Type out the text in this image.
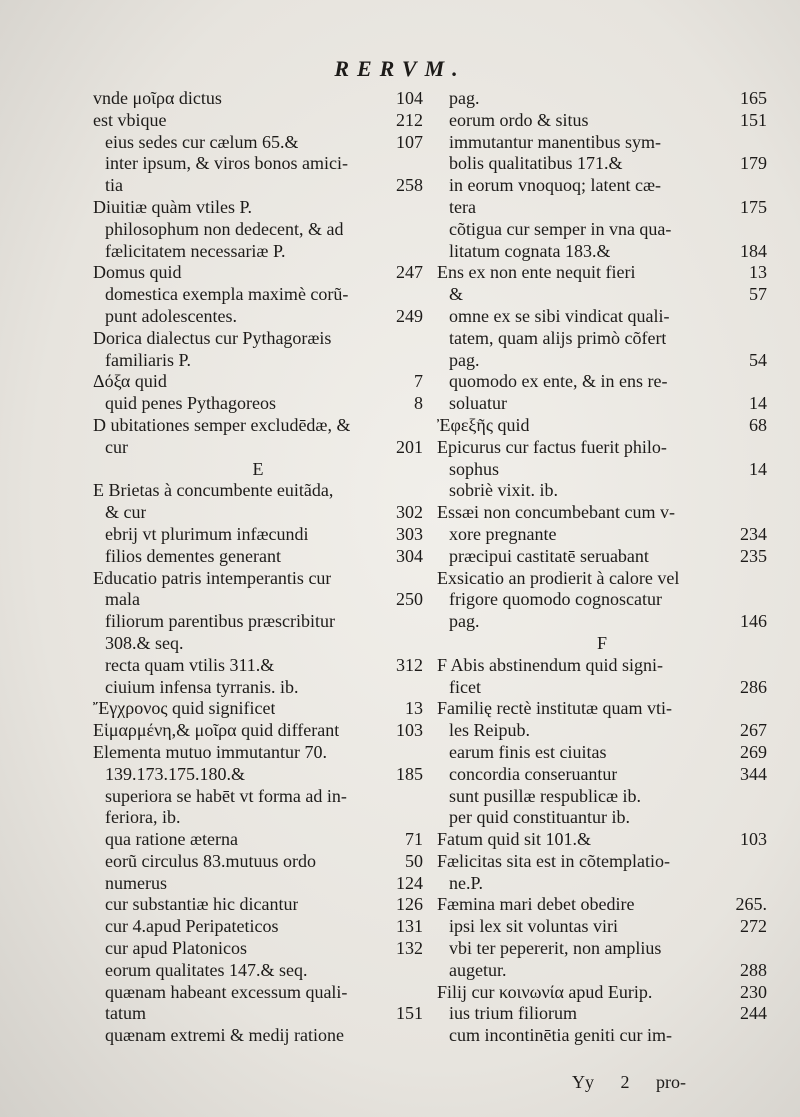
RERVM.
vnde μοῖρα dictus	104
est vbique	212
eius sedes cur cælum 65.&	107
inter ipsum, & viros bonos amici-
tia	258
Diuitiæ quàm vtiles P.
philosophum non dedecent, & ad
fælicitatem necessariæ P.
Domus quid	247
domestica exempla maximè corũ-
punt adolescentes.	249
Dorica dialectus cur Pythagoræis
familiaris P.
Δόξα quid	7
quid penes Pythagoreos	8
D ubitationes semper excludēdæ, &
cur	201
E
E Brietas à concumbente euitãda,
& cur	302
ebrij vt plurimum infæcundi	303
filios dementes generant	304
Educatio patris intemperantis cur
mala	250
filiorum parentibus præscribitur
308.& seq.
recta quam vtilis 311.&	312
ciuium infensa tyrranis. ib.
Ἔγχρονος quid significet	13
Εἱμαρμένη,& μοῖρα quid differant	103
Elementa mutuo immutantur 70.
139.173.175.180.&	185
superiora se habēt vt forma ad in-
feriora, ib.
qua ratione æterna	71
eorũ circulus 83.mutuus ordo	50
numerus	124
cur substantiæ hic dicantur	126
cur 4.apud Peripateticos	131
cur apud Platonicos	132
eorum qualitates 147.& seq.
quænam habeant excessum quali-
tatum	151
quænam extremi & medij ratione
pag.	165
eorum ordo & situs	151
immutantur manentibus sym-
bolis qualitatibus 171.&	179
in eorum vnoquoq; latent cæ-
tera	175
cõtigua cur semper in vna qua-
litatum cognata 183.&	184
Ens ex non ente nequit fieri	13
&	57
omne ex se sibi vindicat quali-
tatem, quam alijs primò cõfert
pag.	54
quomodo ex ente, & in ens re-
soluatur	14
Ἐφεξῆς quid	68
Epicurus cur factus fuerit philo-
sophus	14
sobriè vixit. ib.
Essæi non concumbebant cum v-
xore pregnante	234
præcipui castitatē seruabant	235
Exsicatio an prodierit à calore vel
frigore quomodo cognoscatur
pag.	146
F
F Abis abstinendum quid signi-
ficet	286
Familię rectè institutæ quam vti-
les Reipub.	267
earum finis est ciuitas	269
concordia conseruantur	344
sunt pusillæ respublicæ ib.
per quid constituantur ib.
Fatum quid sit 101.&	103
Fælicitas sita est in cõtemplatio-
ne.P.
Fæmina mari debet obedire	265.
ipsi lex sit voluntas viri	272
vbi ter pepererit, non amplius
augetur.	288
Filij cur κοινωνία apud Eurip.	230
ius trium filiorum	244
cum incontinētia geniti cur im-
Yy 2 pro-
